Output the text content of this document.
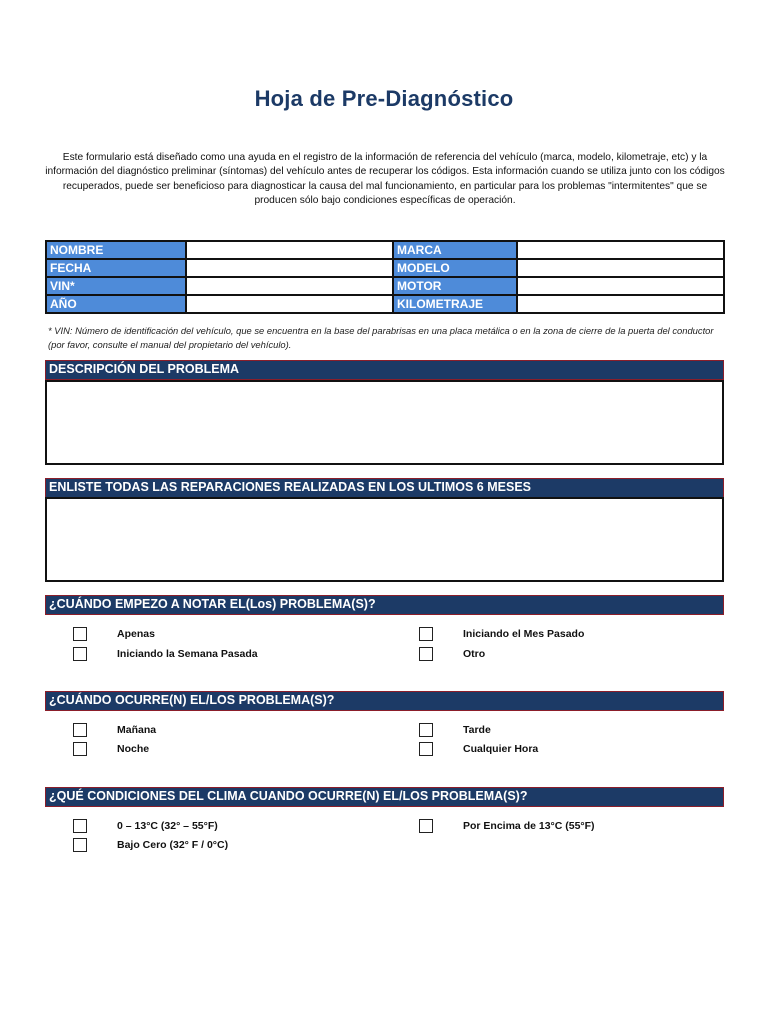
Hoja de Pre-Diagnóstico
Este formulario está diseñado como una ayuda en el registro de la información de referencia del vehículo (marca, modelo, kilometraje, etc) y la información del diagnóstico preliminar (síntomas) del vehículo antes de recuperar los códigos. Esta información cuando se utiliza junto con los códigos recuperados, puede ser beneficioso para diagnosticar la causa del mal funcionamiento, en particular para los problemas "intermitentes" que se producen sólo bajo condiciones específicas de operación.
NOMBRE		MARCA	
FECHA		MODELO	
VIN*		MOTOR	
AÑO		KILOMETRAJE	
* VIN: Número de identificación del vehículo, que se encuentra en la base del parabrisas en una placa metálica o en la zona de cierre de la puerta del conductor (por favor, consulte el manual del propietario del vehículo).
DESCRIPCIÓN DEL PROBLEMA
ENLISTE TODAS LAS REPARACIONES REALIZADAS EN LOS ULTIMOS 6 MESES
¿CUÁNDO EMPEZO A NOTAR EL(Los) PROBLEMA(S)?
Apenas
Iniciando la Semana Pasada
Iniciando el Mes Pasado
Otro
¿CUÁNDO OCURRE(N) EL/LOS PROBLEMA(S)?
Mañana
Noche
Tarde
Cualquier Hora
¿QUÉ CONDICIONES DEL CLIMA CUANDO OCURRE(N) EL/LOS PROBLEMA(S)?
0 – 13°C (32° – 55°F)
Bajo Cero (32° F / 0°C)
Por Encima de 13°C (55°F)
